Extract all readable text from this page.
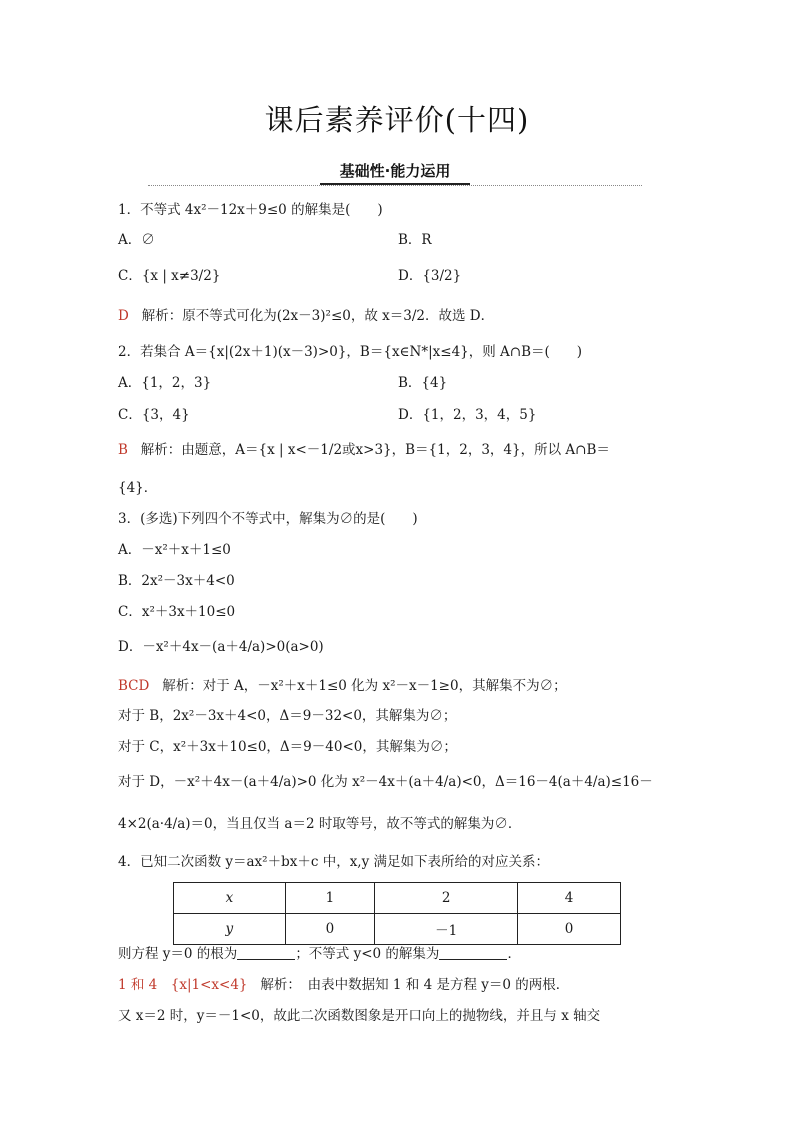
课后素养评价(十四)
基础性·能力运用
1．不等式 4x²－12x＋9≤0 的解集是(　　)
A．∅	B．R
C．{x | x≠3/2}	D．{3/2}
D 解析：原不等式可化为(2x－3)²≤0，故 x＝3/2．故选 D．
2．若集合 A＝{x|(2x＋1)(x－3)>0}，B＝{x∈N*|x≤4}，则 A∩B＝(　　)
A．{1，2，3}	B．{4}
C．{3，4}	D．{1，2，3，4，5}
B 解析：由题意，A＝{x | x<－1/2或x>3}，B＝{1，2，3，4}，所以 A∩B＝
{4}．
3．(多选)下列四个不等式中，解集为∅的是(　　)
A．－x²＋x＋1≤0
B．2x²－3x＋4<0
C．x²＋3x＋10≤0
D．－x²＋4x－(a＋4/a)>0(a>0)
BCD 解析：对于 A，－x²＋x＋1≤0 化为 x²－x－1≥0，其解集不为∅；
对于 B，2x²－3x＋4<0，Δ＝9－32<0，其解集为∅；
对于 C，x²＋3x＋10≤0，Δ＝9－40<0，其解集为∅；
对于 D，－x²＋4x－(a＋4/a)>0 化为 x²－4x＋(a＋4/a)<0，Δ＝16－4(a＋4/a)≤16－
4×2(a·4/a)＝0，当且仅当 a＝2 时取等号，故不等式的解集为∅．
4．已知二次函数 y＝ax²＋bx＋c 中，x,y 满足如下表所给的对应关系：
x	1	2	4
y	0	－1	0
则方程 y＝0 的根为	；不等式 y<0 的解集为	．
1 和 4　{x|1<x<4} 解析：　由表中数据知 1 和 4 是方程 y＝0 的两根．
又 x＝2 时，y＝－1<0，故此二次函数图象是开口向上的抛物线，并且与 x 轴交
